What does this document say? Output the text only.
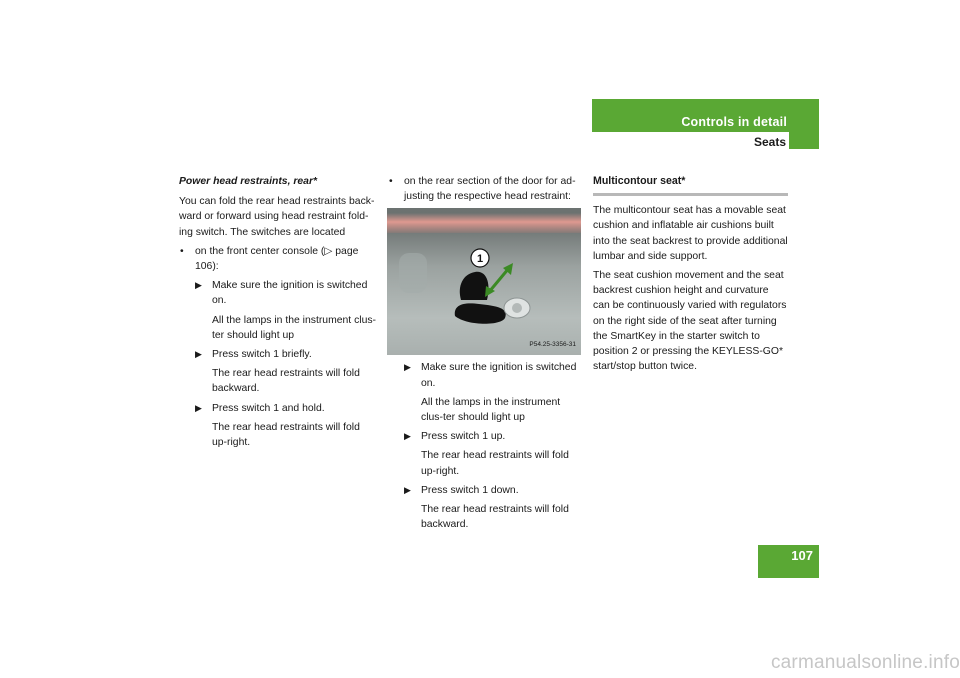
Controls in detail
Seats
107

Power head restraints, rear*

You can fold the rear head restraints back-ward or forward using head restraint fold-ing switch. The switches are located

• on the front center console (▷ page 106):

▶ Make sure the ignition is switched on.

All the lamps in the instrument clus-ter should light up

▶ Press switch 1 briefly.

The rear head restraints will fold backward.

▶ Press switch 1 and hold.

The rear head restraints will fold up-right.

• on the rear section of the door for ad-justing the respective head restraint:

1
P54.25-3356-31

▶ Make sure the ignition is switched on.

All the lamps in the instrument clus-ter should light up

▶ Press switch 1 up.

The rear head restraints will fold up-right.

▶ Press switch 1 down.

The rear head restraints will fold backward.

Multicontour seat*

The multicontour seat has a movable seat cushion and inflatable air cushions built into the seat backrest to provide additional lumbar and side support.

The seat cushion movement and the seat backrest cushion height and curvature can be continuously varied with regulators on the right side of the seat after turning the SmartKey in the starter switch to position 2 or pressing the KEYLESS-GO* start/stop button twice.

carmanualsonline.info
